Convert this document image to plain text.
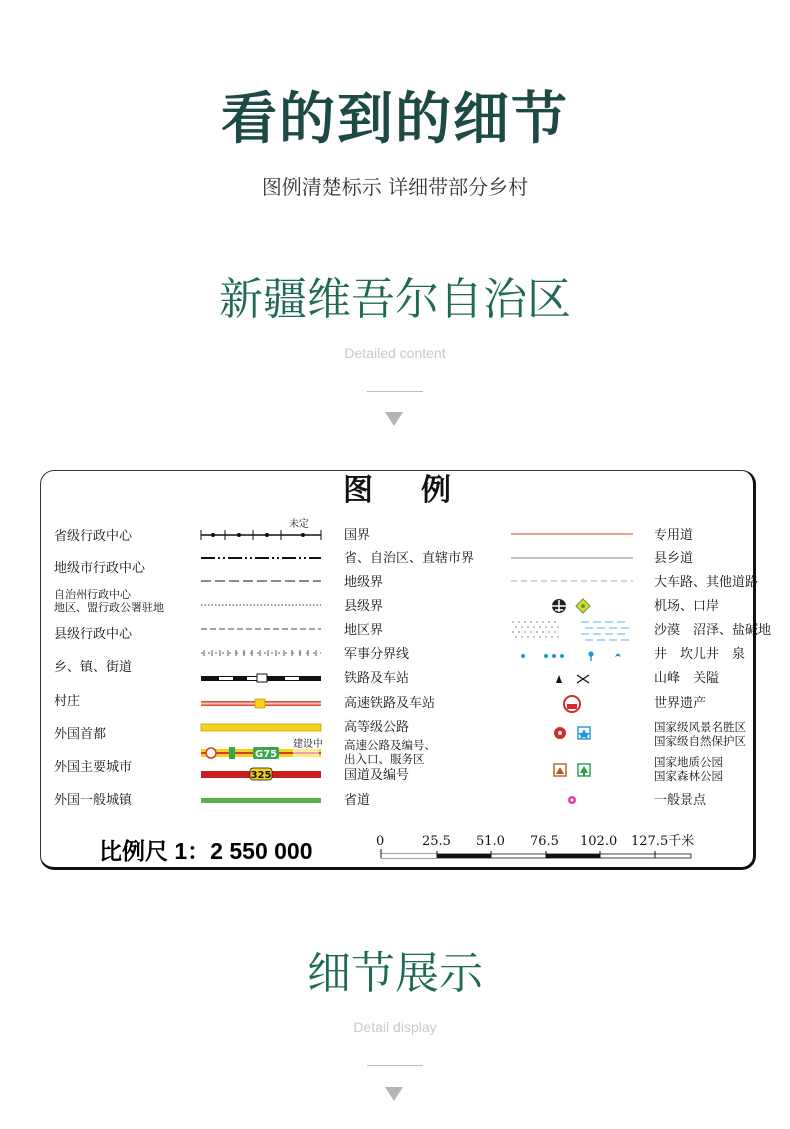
看的到的细节
图例清楚标示 详细带部分乡村
新疆维吾尔自治区
Detailed content
图例
省级行政中心
地级市行政中心
自治州行政中心
地区、盟行政公署驻地
县级行政中心
乡、镇、街道
村庄
外国首都
外国主要城市
外国一般城镇
国界
省、自治区、直辖市界
地级界
县级界
地区界
军事分界线
铁路及车站
高速铁路及车站
高等级公路
高速公路及编号、
出入口、服务区
国道及编号
省道
专用道
县乡道
大车路、其他道路
机场、口岸
沙漠　沼泽、盐碱地
井　坎儿井　泉
山峰　关隘
世界遗产
国家级风景名胜区
国家级自然保护区
国家地质公园
国家森林公园
一般景点
未定
G75
建设中
325
比例尺 1：2 550 000	0	25.5 51.0 76.5 102.0 127.5千米
细节展示
Detail display
